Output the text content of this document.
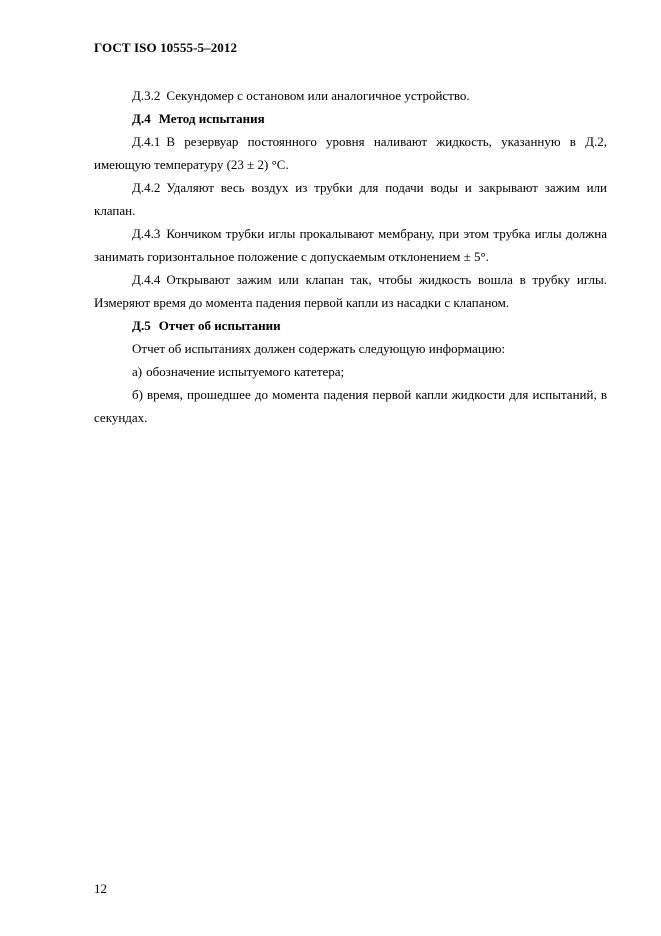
ГОСТ ISO 10555-5–2012

Д.3.2 Секундомер с остановом или аналогичное устройство.

Д.4 Метод испытания

Д.4.1 В резервуар постоянного уровня наливают жидкость, указанную в Д.2, имеющую температуру (23 ± 2) °С.

Д.4.2 Удаляют весь воздух из трубки для подачи воды и закрывают зажим или клапан.

Д.4.3 Кончиком трубки иглы прокалывают мембрану, при этом трубка иглы должна занимать горизонтальное положение с допускаемым отклонением ± 5°.

Д.4.4 Открывают зажим или клапан так, чтобы жидкость вошла в трубку иглы. Измеряют время до момента падения первой капли из насадки с клапаном.

Д.5 Отчет об испытании

Отчет об испытаниях должен содержать следующую информацию:

а) обозначение испытуемого катетера;

б) время, прошедшее до момента падения первой капли жидкости для испытаний, в секундах.

12
